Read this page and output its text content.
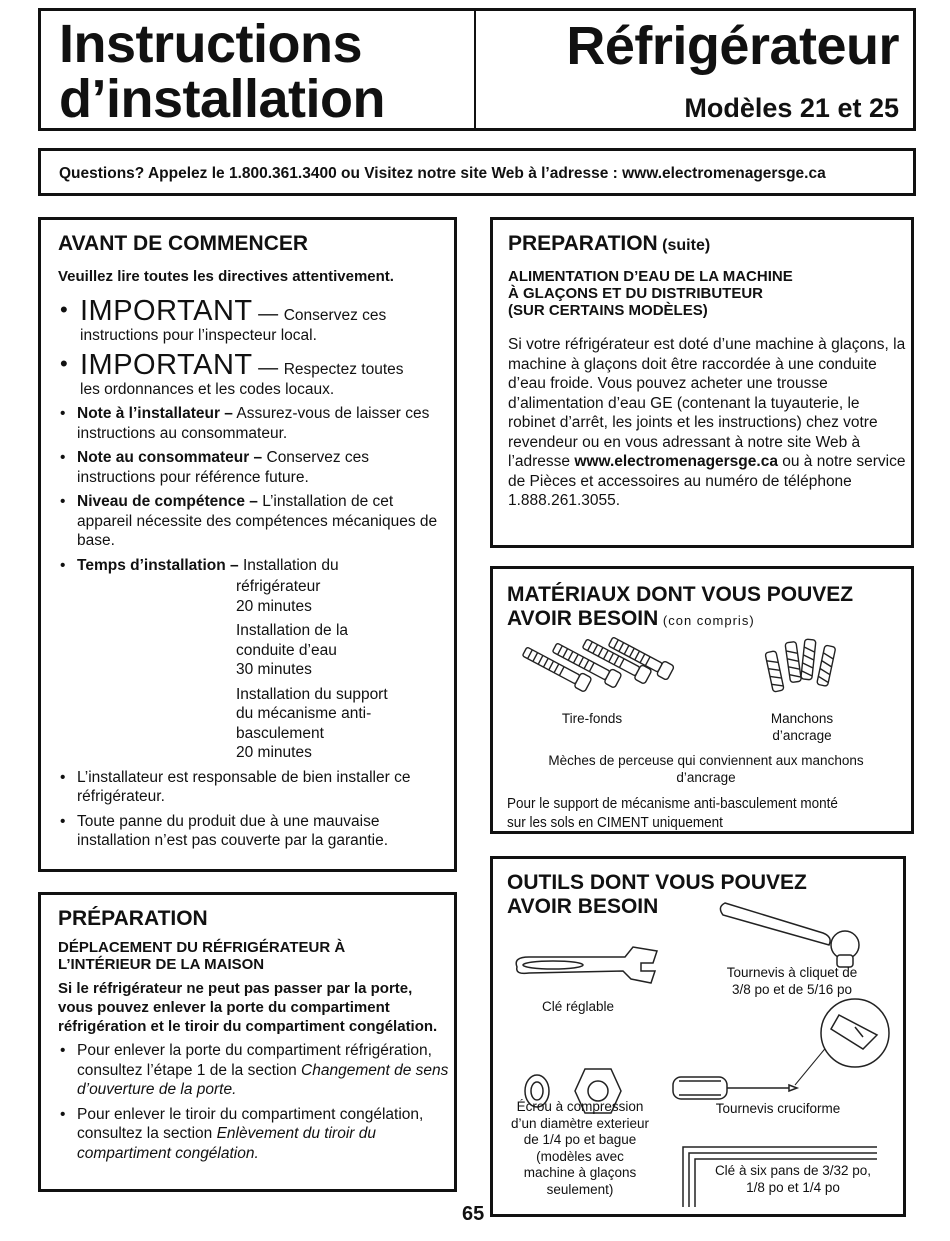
Instructions
d’installation
Réfrigérateur
Modèles 21 et 25

Questions? Appelez le 1.800.361.3400 ou Visitez notre site Web à l’adresse : www.electromenagersge.ca

AVANT DE COMMENCER
Veuillez lire toutes les directives attentivement.
• IMPORTANT — Conservez ces
instructions pour l’inspecteur local.
• IMPORTANT — Respectez toutes
les ordonnances et les codes locaux.
• Note à l’installateur – Assurez-vous de laisser ces instructions au consommateur.
• Note au consommateur – Conservez ces instructions pour référence future.
• Niveau de compétence – L’installation de cet appareil nécessite des compétences mécaniques de base.
• Temps d’installation – Installation du
réfrigérateur
20 minutes
Installation de la
conduite d’eau
30 minutes
Installation du support
du mécanisme anti-
basculement
20 minutes
• L’installateur est responsable de bien installer ce réfrigérateur.
• Toute panne du produit due à une mauvaise installation n’est pas couverte par la garantie.
PREPARATION (suite)
ALIMENTATION D’EAU DE LA MACHINE
À GLAÇONS ET DU DISTRIBUTEUR
(SUR CERTAINS MODÈLES)

Si votre réfrigérateur est doté d’une machine à glaçons, la machine à glaçons doit être raccordée à une conduite d’eau froide. Vous pouvez acheter une trousse d’alimentation d’eau GE (contenant la tuyauterie, le robinet d’arrêt, les joints et les instructions) chez votre revendeur ou en vous adressant à notre site Web à l’adresse www.electromenagersge.ca ou à notre service de Pièces et accessoires au numéro de téléphone 1.888.261.3055.

MATÉRIAUX DONT VOUS POUVEZ
AVOIR BESOIN (con compris)
Tire-fonds	Manchons
d’ancrage
Mèches de perceuse qui conviennent aux manchons
d’ancrage
Pour le support de mécanisme anti-basculement monté
sur les sols en CIMENT uniquement
PRÉPARATION
DÉPLACEMENT DU RÉFRIGÉRATEUR À
L’INTÉRIEUR DE LA MAISON

Si le réfrigérateur ne peut pas passer par la porte, vous pouvez enlever la porte du compartiment réfrigération et le tiroir du compartiment congélation.

• Pour enlever la porte du compartiment réfrigération, consultez l’étape 1 de la section Changement de sens d’ouverture de la porte.
• Pour enlever le tiroir du compartiment congélation, consultez la section Enlèvement du tiroir du compartiment congélation.
OUTILS DONT VOUS POUVEZ
AVOIR BESOIN
Tournevis à cliquet de
3/8 po et de 5/16 po
Clé réglable
Tournevis cruciforme
Écrou à compression
d’un diamètre exterieur
de 1/4 po et bague
(modèles avec
machine à glaçons
seulement)
Clé à six pans de 3/32 po,
1/8 po et 1/4 po
65
